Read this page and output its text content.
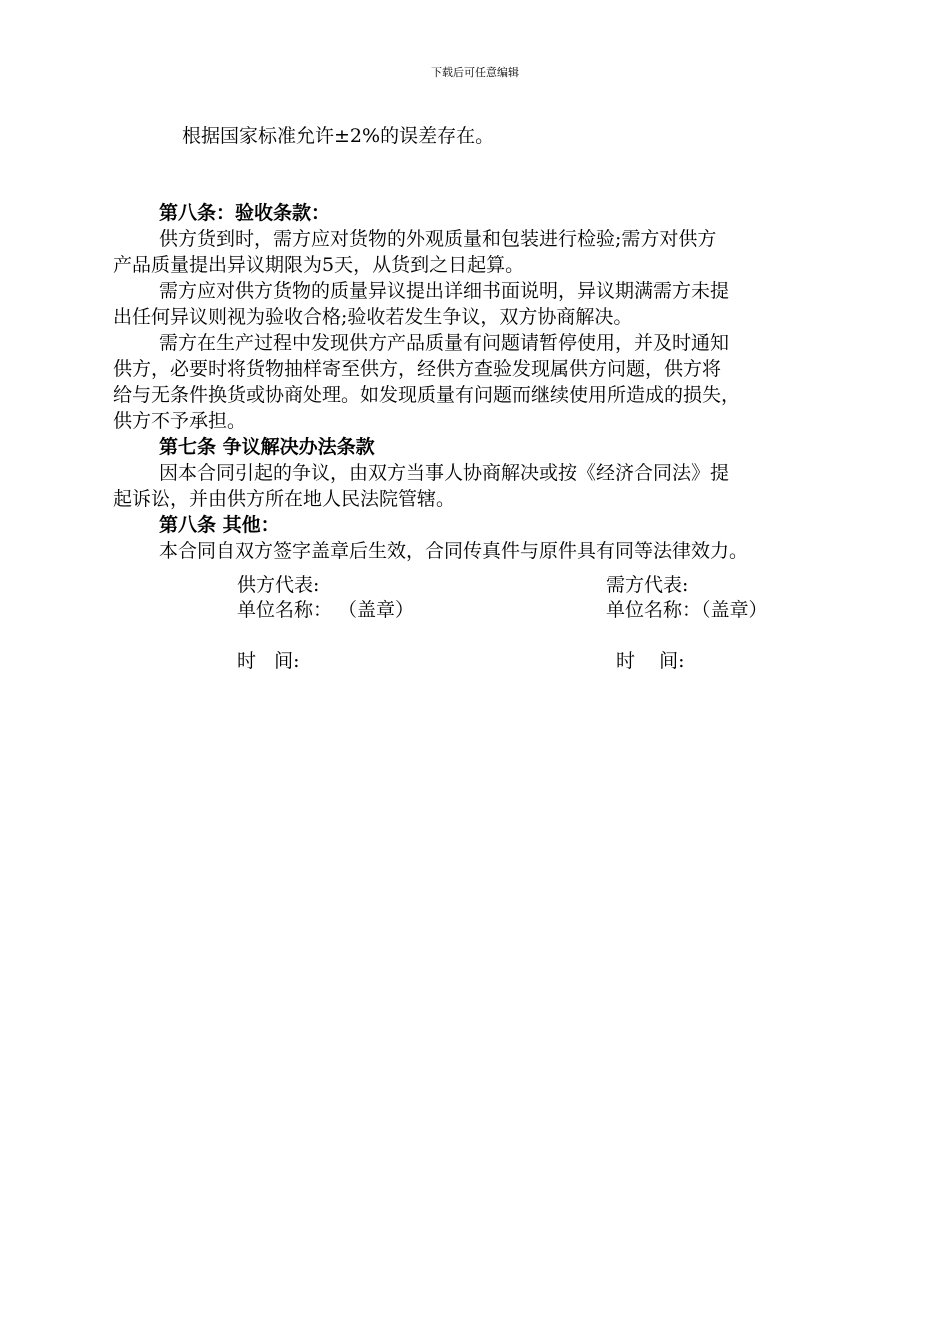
下载后可任意编辑
根据国家标准允许±2%的误差存在。
第八条：验收条款：
供方货到时，需方应对货物的外观质量和包装进行检验;需方对供方
产品质量提出异议期限为5天，从货到之日起算。
需方应对供方货物的质量异议提出详细书面说明，异议期满需方未提
出任何异议则视为验收合格;验收若发生争议，双方协商解决。
需方在生产过程中发现供方产品质量有问题请暂停使用，并及时通知
供方，必要时将货物抽样寄至供方，经供方查验发现属供方问题，供方将
给与无条件换货或协商处理。如发现质量有问题而继续使用所造成的损失，
供方不予承担。
第七条 争议解决办法条款
因本合同引起的争议，由双方当事人协商解决或按《经济合同法》提
起诉讼，并由供方所在地人民法院管辖。
第八条 其他：
本合同自双方签字盖章后生效，合同传真件与原件具有同等法律效力。
供方代表:
单位名称： （盖章）
时   间:
需方代表:
单位名称：（盖章）
时    间:
